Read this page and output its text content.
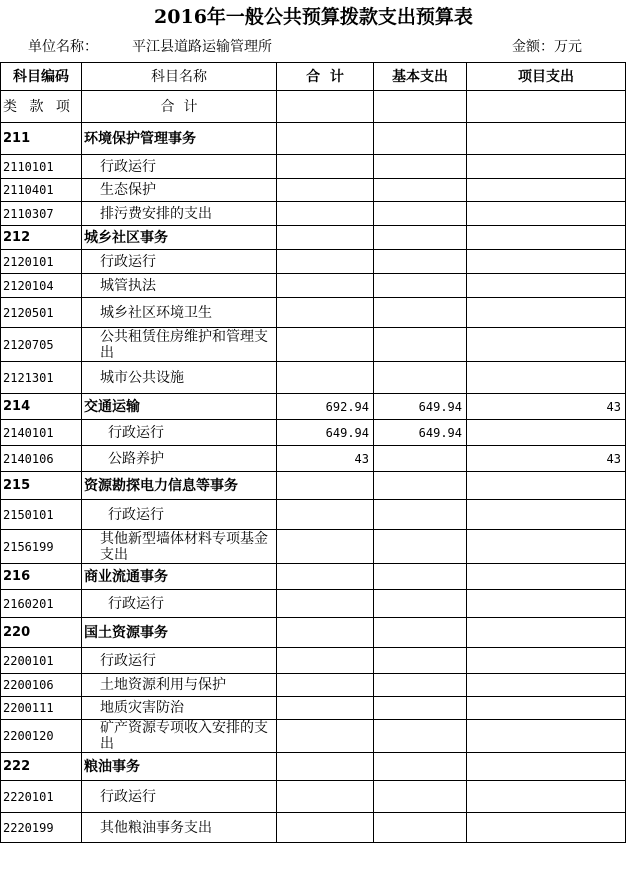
2016年一般公共预算拨款支出预算表
单位名称： 平江县道路运输管理所	金额：万元
科目编码	科目名称	合  计	基本支出	项目支出
类 款 项	合  计			
211	环境保护管理事务			
2110101	行政运行			
2110401	生态保护			
2110307	排污费安排的支出			
212	城乡社区事务			
2120101	行政运行			
2120104	城管执法			
2120501	城乡社区环境卫生			
2120705	公共租赁住房维护和管理支出			
2121301	城市公共设施			
214	交通运输	692.94	649.94	43
2140101	行政运行	649.94	649.94	
2140106	公路养护	43		43
215	资源勘探电力信息等事务			
2150101	行政运行			
2156199	其他新型墙体材料专项基金支出			
216	商业流通事务			
2160201	行政运行			
220	国土资源事务			
2200101	行政运行			
2200106	土地资源利用与保护			
2200111	地质灾害防治			
2200120	矿产资源专项收入安排的支出			
222	粮油事务			
2220101	行政运行			
2220199	其他粮油事务支出			
